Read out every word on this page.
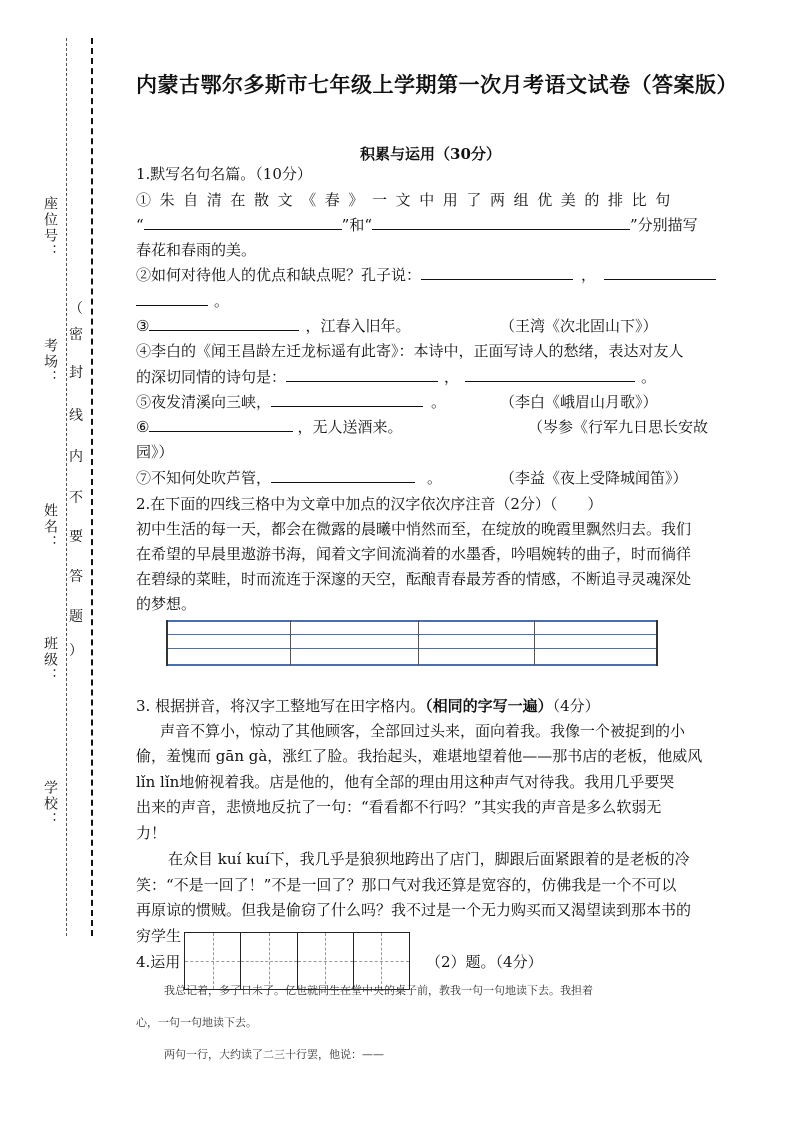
座位号：
考场：
姓名：
班级：
学校：
（
密
封
线
内
不
要
答
题
）
内蒙古鄂尔多斯市七年级上学期第一次月考语文试卷（答案版）
积累与运用（30分）
1.默写名句名篇。（10分）
①朱自清在散文《春》一文中用了两组优美的排比句
“	”和“	”分别描写
春花和春雨的美。
②如何对待他人的优点和缺点呢？孔子说：	，
。
③	，江春入旧年。	（王湾《次北固山下》）
④李白的《闻王昌龄左迁龙标遥有此寄》：本诗中，正面写诗人的愁绪，表达对友人
的深切同情的诗句是：	，	。
⑤夜发清溪向三峡，	。	（李白《峨眉山月歌》）
⑥	，无人送酒来。	（岑参《行军九日思长安故
园》）
⑦不知何处吹芦管，	。	（李益《夜上受降城闻笛》）
2.在下面的四线三格中为文章中加点的汉字依次序注音（2分）（　　）
初中生活的每一天，都会在微露的晨曦中悄然而至，在绽放的晚霞里飘然归去。我们
在希望的早晨里遨游书海，闻着文字间流淌着的水墨香，吟唱婉转的曲子，时而徜徉
在碧绿的菜畦，时而流连于深邃的天空，酝酿青春最芳香的情感，不断追寻灵魂深处
的梦想。
3. 根据拼音，将汉字工整地写在田字格内。（相同的字写一遍）（4分）
声音不算小，惊动了其他顾客，全部回过头来，面向着我。我像一个被捉到的小
偷，羞愧而 gān gà，涨红了脸。我抬起头，难堪地望着他——那书店的老板，他威风
lǐn lǐn地俯视着我。店是他的，他有全部的理由用这种声气对待我。我用几乎要哭
出来的声音，悲愤地反抗了一句：“看看都不行吗？”其实我的声音是多么软弱无
力！
在众目 kuí kuí下，我几乎是狼狈地跨出了店门，脚跟后面紧跟着的是老板的冷
笑：“不是一回了！”不是一回了？那口气对我还算是宽容的，仿佛我是一个不可以
再原谅的惯贼。但我是偷窃了什么吗？我不过是一个无力购买而又渴望读到那本书的
穷学生
4.运用	（2）题。（4分）
我总记着，多了日未了。亿也就同生在堂中央的桌子前，教我一句一句地读下去。我担着
心，一句一句地读下去。
两句一行，大约读了二三十行罢，他说：——
